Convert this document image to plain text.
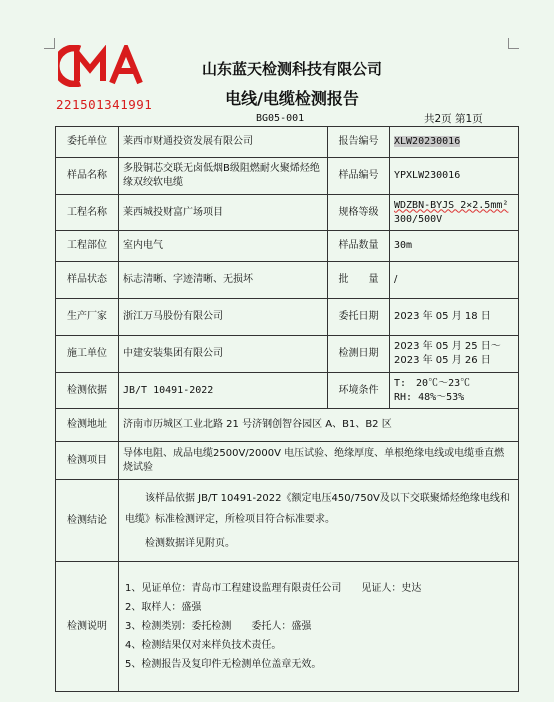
221501341991
山东蓝天检测科技有限公司
电线/电缆检测报告
BG05-001	共2页 第1页
委托单位	莱西市财通投资发展有限公司	报告编号	XLW20230016
样品名称	多股铜芯交联无卤低烟B级阻燃耐火聚烯烃绝缘双绞软电缆	样品编号	YPXLW230016
工程名称	莱西城投财富广场项目	规格等级	WDZBN-BYJS 2×2.5mm²
300/500V

工程部位	室内电气	样品数量	30m
样品状态	标志清晰、字迹清晰、无损坏	批　　量	/
生产厂家	浙江万马股份有限公司	委托日期	2023 年 05 月 18 日
施工单位	中建安装集团有限公司	检测日期	2023 年 05 月 25 日～
2023 年 05 月 26 日

检测依据	JB/T 10491-2022	环境条件	T:　20℃～23℃
RH: 48%～53%

检测地址	济南市历城区工业北路 21 号济钢创智谷园区 A、B1、B2 区		
检测项目	导体电阻、成品电缆2500V/2000V 电压试验、绝缘厚度、单根绝缘电线或电缆垂直燃烧试验		
检测结论	该样品依据 JB/T 10491-2022《额定电压450/750V及以下交联聚烯烃绝缘电线和电缆》标准检测评定，所检项目符合标准要求。

检测数据详见附页。		

检测说明	1、见证单位：青岛市工程建设监理有限责任公司　　见证人：史达
2、取样人：盛强
3、检测类别：委托检测　　委托人：盛强
4、检测结果仅对来样负技术责任。
5、检测报告及复印件无检测单位盖章无效。		
